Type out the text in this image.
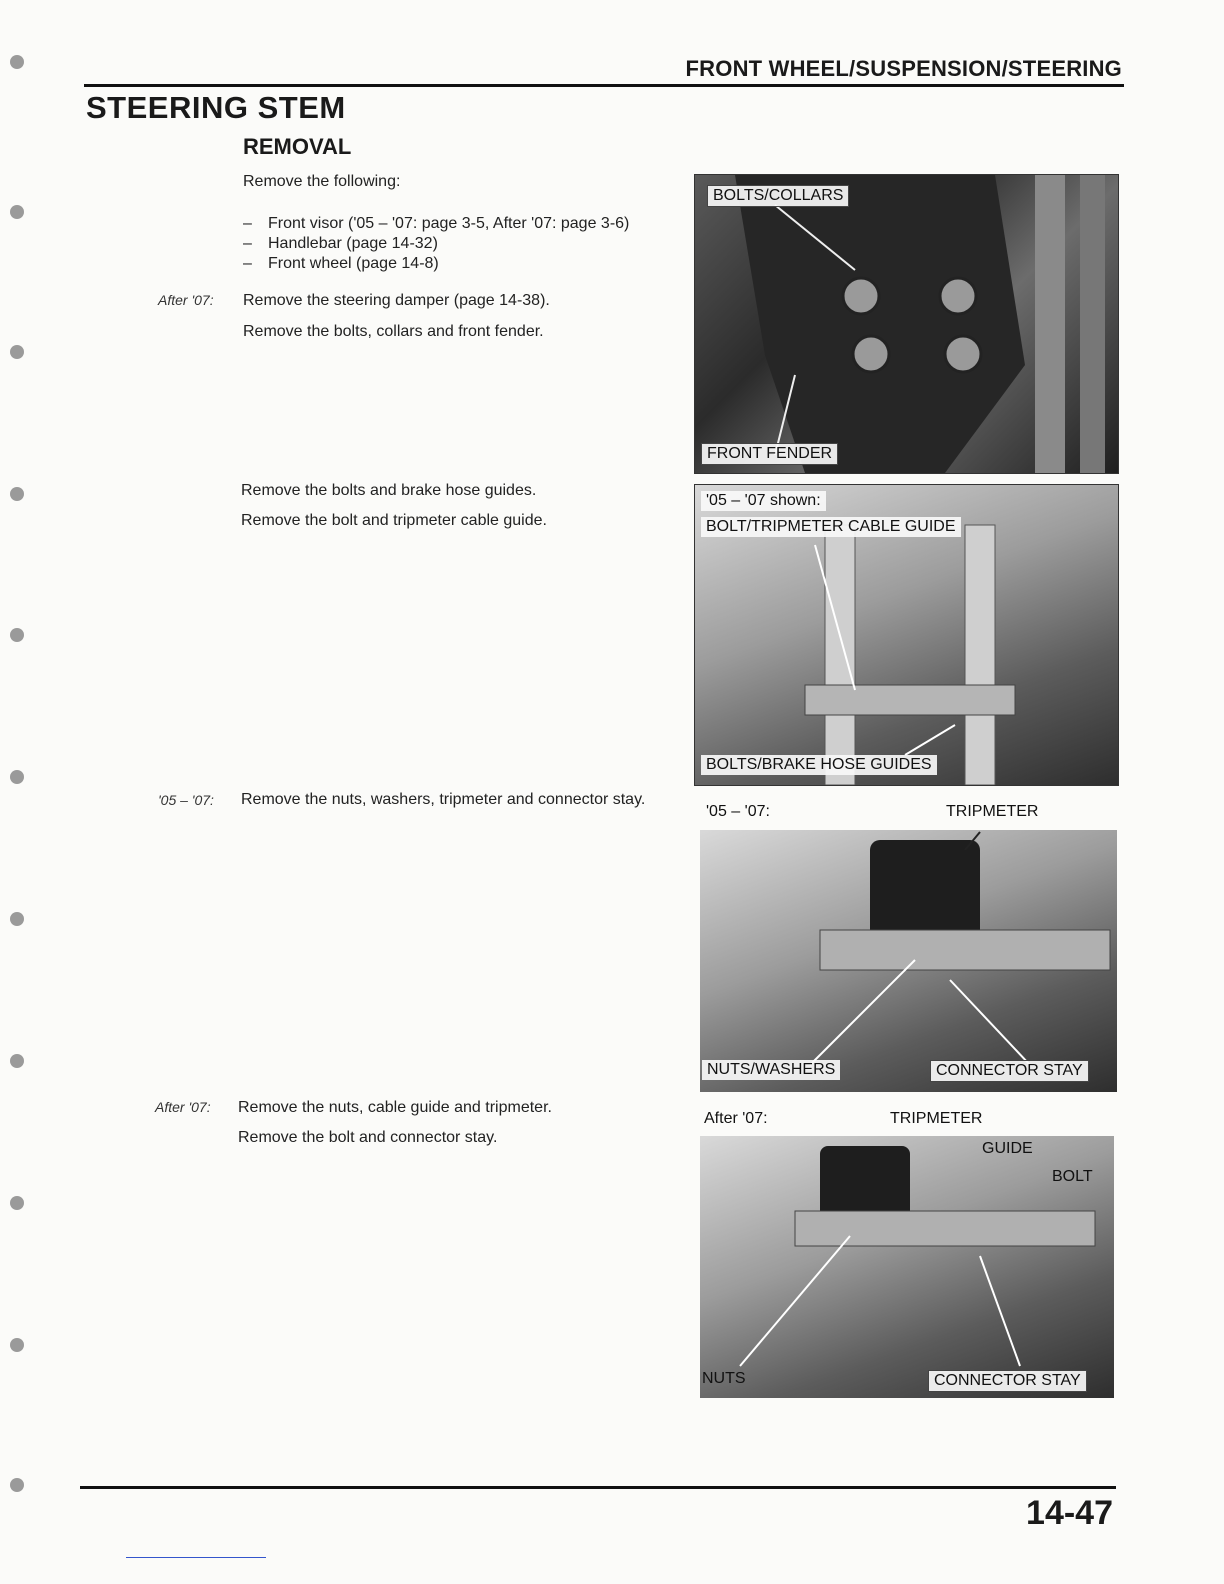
FRONT WHEEL/SUSPENSION/STEERING
STEERING STEM
REMOVAL
Remove the following:
– Front visor ('05 – '07: page 3-5, After '07: page 3-6)
– Handlebar (page 14-32)
– Front wheel (page 14-8)
After '07: Remove the steering damper (page 14-38).
Remove the bolts, collars and front fender.
Remove the bolts and brake hose guides.
Remove the bolt and tripmeter cable guide.
'05 – '07: Remove the nuts, washers, tripmeter and connector stay.
After '07: Remove the nuts, cable guide and tripmeter.
Remove the bolt and connector stay.
BOLTS/COLLARS
FRONT FENDER
'05 – '07 shown:
BOLT/TRIPMETER CABLE GUIDE
BOLTS/BRAKE HOSE GUIDES
'05 – '07:	TRIPMETER
NUTS/WASHERS	CONNECTOR STAY
After '07:
NUTS	CONNECTOR STAY
TRIPMETER
GUIDE
BOLT
14-47
